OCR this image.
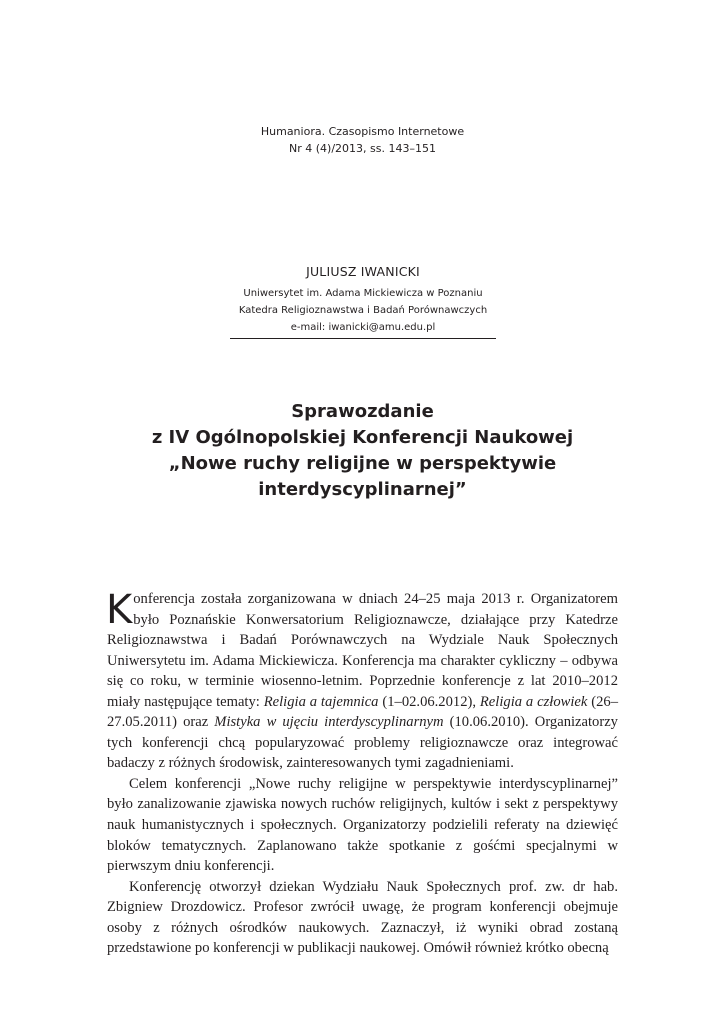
Humaniora. Czasopismo Internetowe
Nr 4 (4)/2013, ss. 143–151
JULIUSZ IWANICKI
Uniwersytet im. Adama Mickiewicza w Poznaniu
Katedra Religioznawstwa i Badań Porównawczych
e-mail: iwanicki@amu.edu.pl
Sprawozdanie
z IV Ogólnopolskiej Konferencji Naukowej
„Nowe ruchy religijne w perspektywie
interdyscyplinarnej”

Konferencja została zorganizowana w dniach 24–25 maja 2013 r. Organizatorem było Poznańskie Konwersatorium Religioznawcze, działające przy Katedrze Religioznawstwa i Badań Porównawczych na Wydziale Nauk Społecznych Uniwersytetu im. Adama Mickiewicza. Konferencja ma charakter cykliczny – odbywa się co roku, w terminie wiosenno-letnim. Poprzednie konferencje z lat 2010–2012 miały następujące tematy: Religia a tajemnica (1–02.06.2012), Religia a człowiek (26–27.05.2011) oraz Mistyka w ujęciu interdyscyplinarnym (10.06.2010). Organizatorzy tych konferencji chcą popularyzować problemy religioznawcze oraz integrować badaczy z różnych środowisk, zainteresowanych tymi zagadnieniami.

Celem konferencji „Nowe ruchy religijne w perspektywie interdyscyplinarnej” było zanalizowanie zjawiska nowych ruchów religijnych, kultów i sekt z perspektywy nauk humanistycznych i społecznych. Organizatorzy podzielili referaty na dziewięć bloków tematycznych. Zaplanowano także spotkanie z gośćmi specjalnymi w pierwszym dniu konferencji.

Konferencję otworzył dziekan Wydziału Nauk Społecznych prof. zw. dr hab. Zbigniew Drozdowicz. Profesor zwrócił uwagę, że program konferencji obejmuje osoby z różnych ośrodków naukowych. Zaznaczył, iż wyniki obrad zostaną przedstawione po konferencji w publikacji naukowej. Omówił również krótko obecną
